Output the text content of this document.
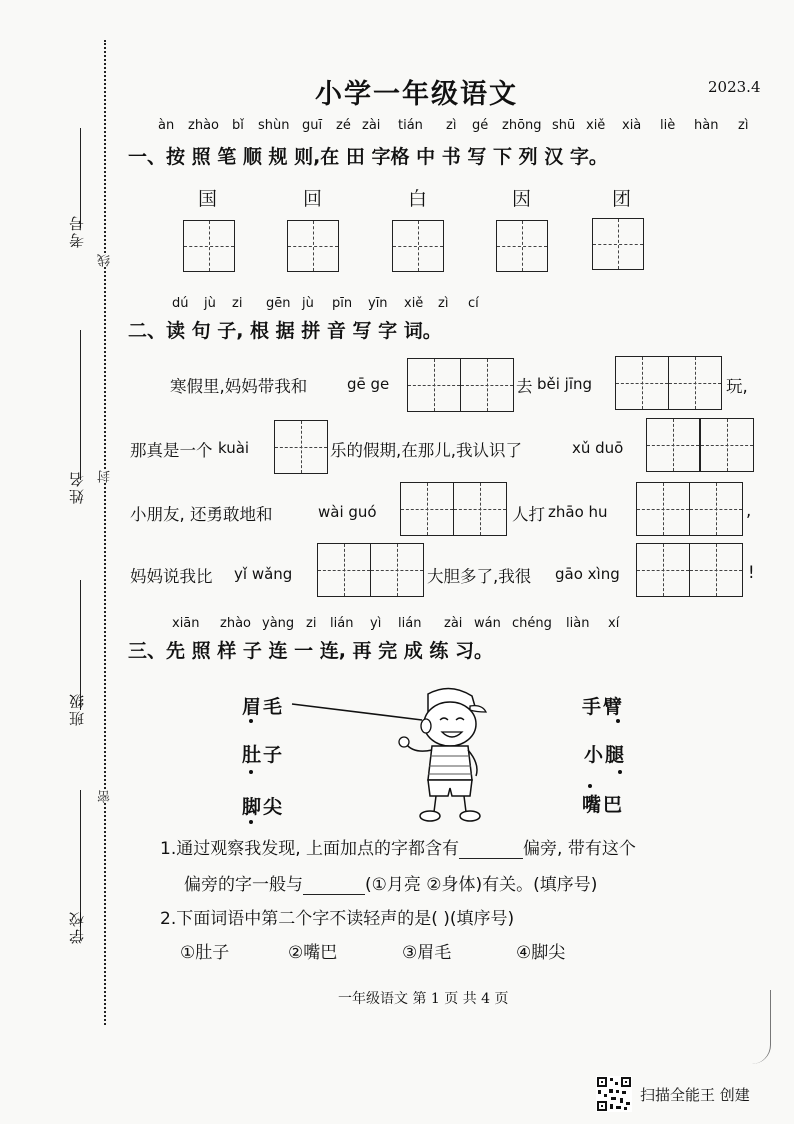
考号
姓名
班级
学校
线
封
密
小学一年级语文	2023.4
àn zhào bǐ shùn guī zé zài tián zì gé zhōng shū xiě xià liè hàn zì
一、按 照 笔 顺 规 则,在 田 字格 中 书 写 下 列 汉 字。
国	回	白	因	团
dú jù zi gēn jù pīn yīn xiě zì cí
二、读 句 子, 根 据 拼 音 写 字 词。
寒假里,妈妈带我和	gē ge	去 běi jīng	玩,
那真是一个 kuài	乐的假期,在那儿,我认识了	xǔ duō
小朋友, 还勇敢地和	wài guó	人打 zhāo hu	,
妈妈说我比 yǐ wǎng	大胆多了,我很 gāo xìng	!
xiān zhào yàng zi lián yì lián zài wán chéng liàn xí
三、先 照 样 子 连 一 连, 再 完 成 练 习。
眉毛
肚子
脚尖
手臂
小腿
嘴巴
1.通过观察我发现, 上面加点的字都含有	偏旁, 带有这个
偏旁的字一般与	(①月亮 ②身体)有关。(填序号)
2.下面词语中第二个字不读轻声的是( )(填序号)
①肚子	②嘴巴	③眉毛	④脚尖
一年级语文 第 1 页 共 4 页
扫描全能王 创建
